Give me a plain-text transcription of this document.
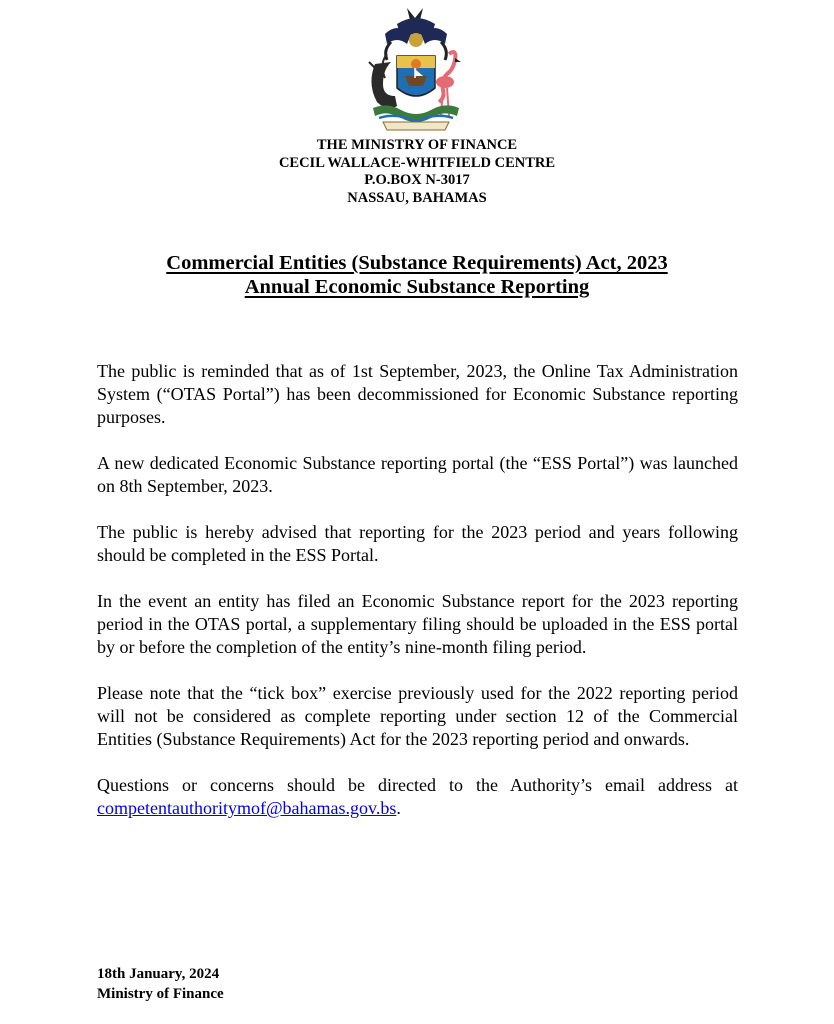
THE MINISTRY OF FINANCE
CECIL WALLACE-WHITFIELD CENTRE
P.O.BOX N-3017
NASSAU, BAHAMAS
Commercial Entities (Substance Requirements) Act, 2023
Annual Economic Substance Reporting

The public is reminded that as of 1st September, 2023, the Online Tax Administration System (“OTAS Portal”) has been decommissioned for Economic Substance reporting purposes.

A new dedicated Economic Substance reporting portal (the “ESS Portal”) was launched on 8th September, 2023.

The public is hereby advised that reporting for the 2023 period and years following should be completed in the ESS Portal.

In the event an entity has filed an Economic Substance report for the 2023 reporting period in the OTAS portal, a supplementary filing should be uploaded in the ESS portal by or before the completion of the entity’s nine-month filing period.

Please note that the “tick box” exercise previously used for the 2022 reporting period will not be considered as complete reporting under section 12 of the Commercial Entities (Substance Requirements) Act for the 2023 reporting period and onwards.

Questions or concerns should be directed to the Authority’s email address at competentauthoritymof@bahamas.gov.bs.

18th January, 2024
Ministry of Finance
